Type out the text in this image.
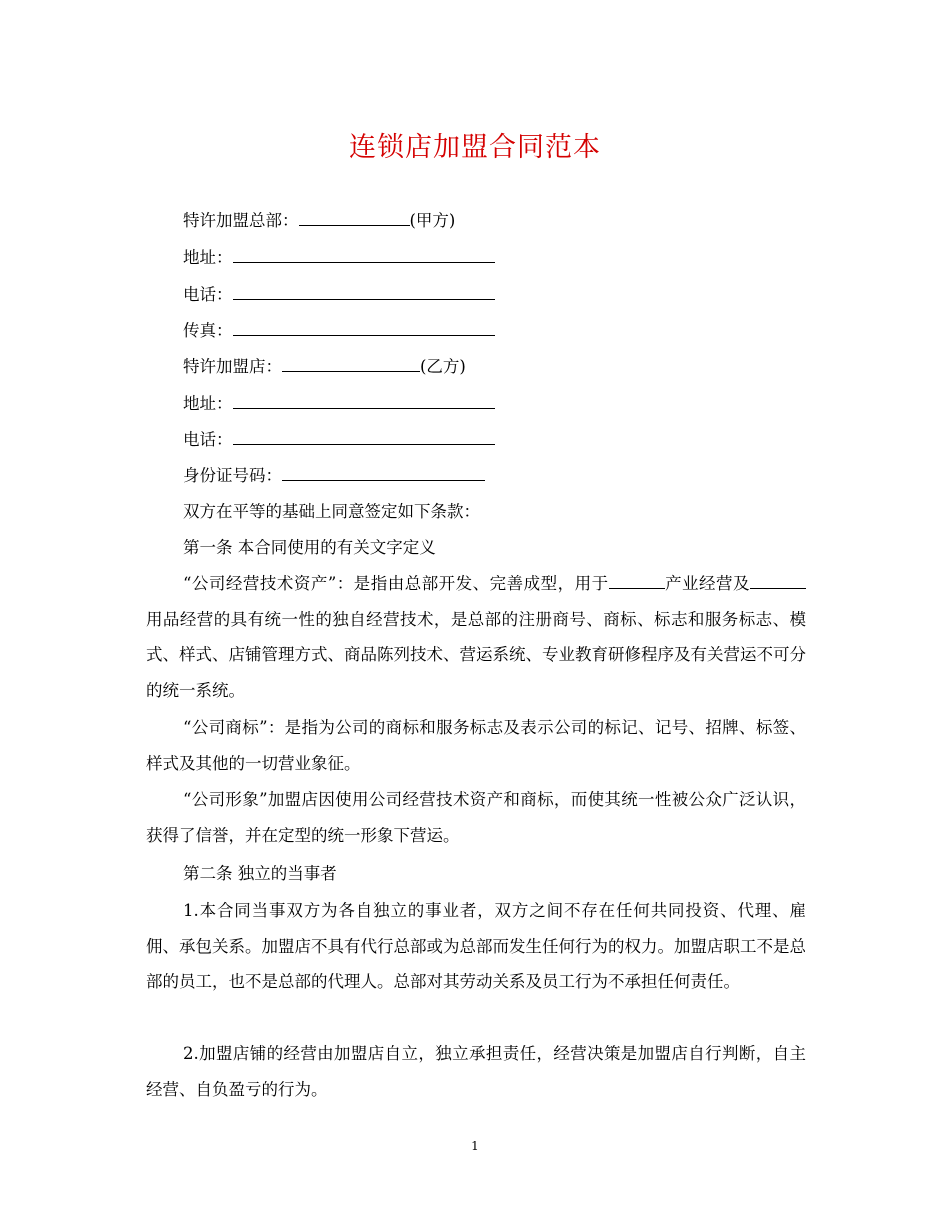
连锁店加盟合同范本
特许加盟总部：	(甲方)
地址：
电话：
传真：
特许加盟店：	(乙方)
地址：
电话：
身份证号码：
双方在平等的基础上同意签定如下条款：
第一条 本合同使用的有关文字定义
“公司经营技术资产”：是指由总部开发、完善成型，用于	产业经营及用品经营的具有统一性的独自经营技术，是总部的注册商号、商标、标志和服务标志、模式、样式、店铺管理方式、商品陈列技术、营运系统、专业教育研修程序及有关营运不可分的统一系统。
“公司商标”：是指为公司的商标和服务标志及表示公司的标记、记号、招牌、标签、样式及其他的一切营业象征。
“公司形象”加盟店因使用公司经营技术资产和商标，而使其统一性被公众广泛认识，获得了信誉，并在定型的统一形象下营运。
第二条 独立的当事者
1.本合同当事双方为各自独立的事业者，双方之间不存在任何共同投资、代理、雇佣、承包关系。加盟店不具有代行总部或为总部而发生任何行为的权力。加盟店职工不是总部的员工，也不是总部的代理人。总部对其劳动关系及员工行为不承担任何责任。
2.加盟店铺的经营由加盟店自立，独立承担责任，经营决策是加盟店自行判断，自主经营、自负盈亏的行为。
1
